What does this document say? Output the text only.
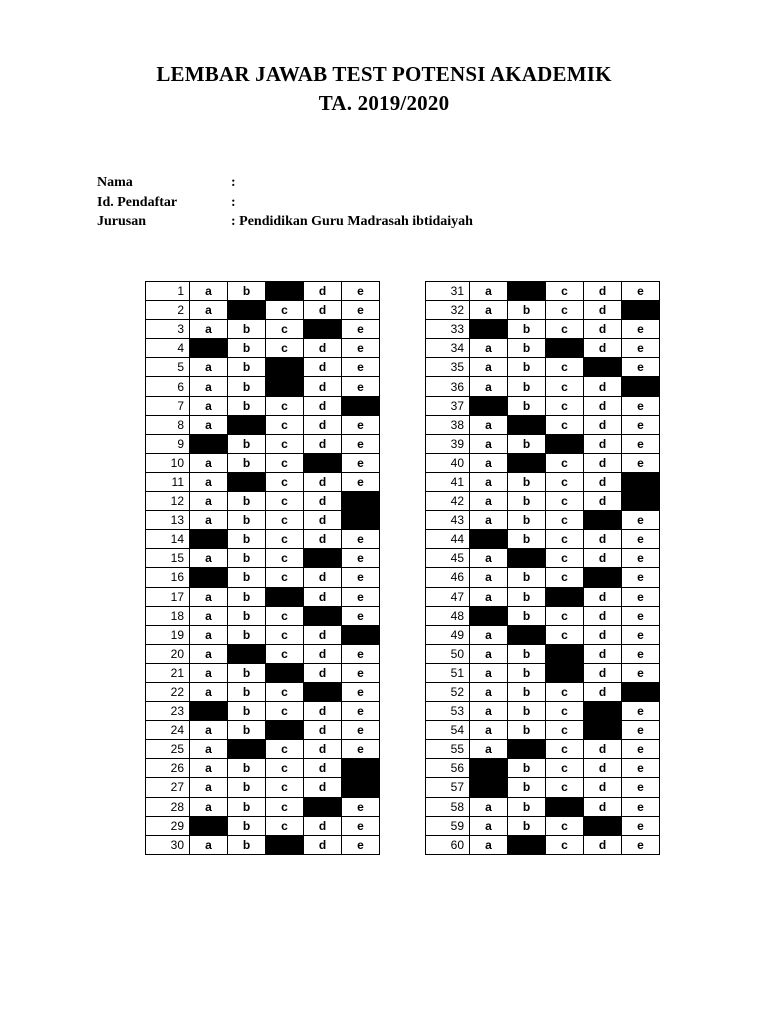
LEMBAR JAWAB TEST POTENSI AKADEMIK
TA. 2019/2020
Nama	:
Id. Pendaftar	:
Jurusan	: Pendidikan Guru Madrasah ibtidaiyah
1	a	b		d	e
2	a		c	d	e
3	a	b	c		e
4		b	c	d	e
5	a	b		d	e
6	a	b		d	e
7	a	b	c	d	
8	a		c	d	e
9		b	c	d	e
10	a	b	c		e
11	a		c	d	e
12	a	b	c	d	
13	a	b	c	d	
14		b	c	d	e
15	a	b	c		e
16		b	c	d	e
17	a	b		d	e
18	a	b	c		e
19	a	b	c	d	
20	a		c	d	e
21	a	b		d	e
22	a	b	c		e
23		b	c	d	e
24	a	b		d	e
25	a		c	d	e
26	a	b	c	d	
27	a	b	c	d	
28	a	b	c		e
29		b	c	d	e
30	a	b		d	e
31	a		c	d	e
32	a	b	c	d	
33		b	c	d	e
34	a	b		d	e
35	a	b	c		e
36	a	b	c	d	
37		b	c	d	e
38	a		c	d	e
39	a	b		d	e
40	a		c	d	e
41	a	b	c	d	
42	a	b	c	d	
43	a	b	c		e
44		b	c	d	e
45	a		c	d	e
46	a	b	c		e
47	a	b		d	e
48		b	c	d	e
49	a		c	d	e
50	a	b		d	e
51	a	b		d	e
52	a	b	c	d	
53	a	b	c		e
54	a	b	c		e
55	a		c	d	e
56		b	c	d	e
57		b	c	d	e
58	a	b		d	e
59	a	b	c		e
60	a		c	d	e
